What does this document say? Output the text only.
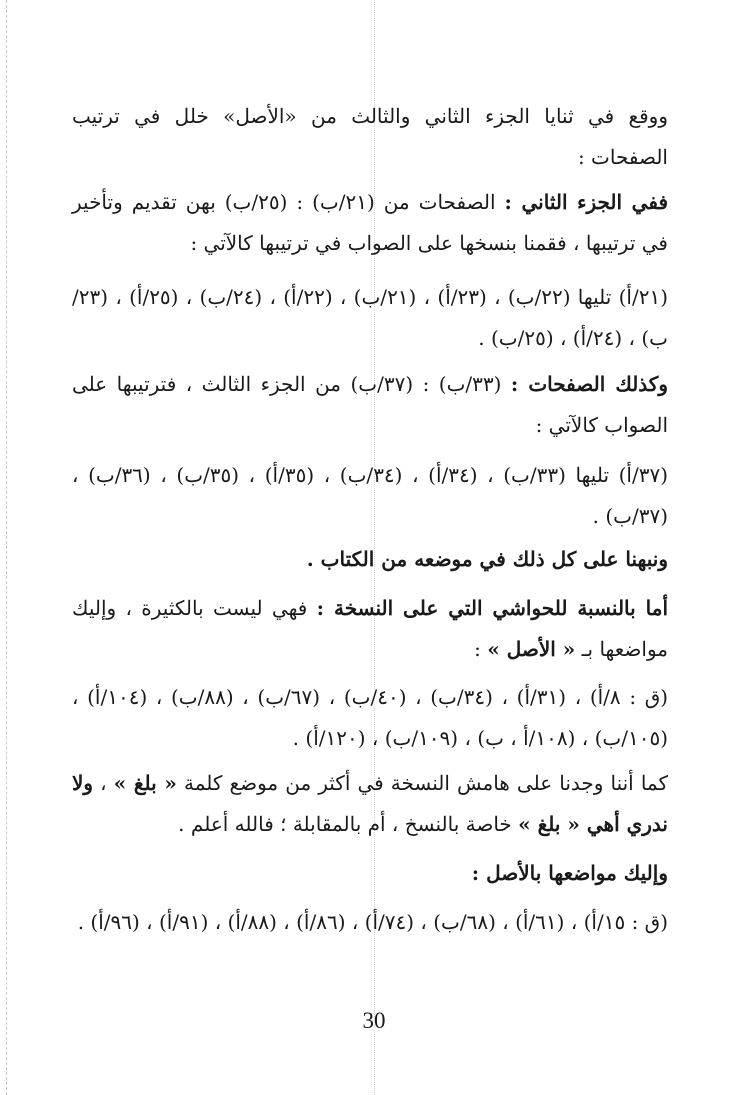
ووقع في ثنايا الجزء الثاني والثالث من «الأصل» خلل في ترتيب الصفحات :
ففي الجزء الثاني : الصفحات من (٢١/ب) : (٢٥/ب) بهن تقديم وتأخير في ترتيبها ، فقمنا بنسخها على الصواب في ترتيبها كالآتي :
(٢١/أ) تليها (٢٢/ب) ، (٢٣/أ) ، (٢١/ب) ، (٢٢/أ) ، (٢٤/ب) ، (٢٥/أ) ، (٢٣/ب) ، (٢٤/أ) ، (٢٥/ب) .
وكذلك الصفحات : (٣٣/ب) : (٣٧/ب) من الجزء الثالث ، فترتيبها على الصواب كالآتي :
(٣٧/أ) تليها (٣٣/ب) ، (٣٤/أ) ، (٣٤/ب) ، (٣٥/أ) ، (٣٥/ب) ، (٣٦/ب) ، (٣٧/ب) .
ونبهنا على كل ذلك في موضعه من الكتاب .
أما بالنسبة للحواشي التي على النسخة : فهي ليست بالكثيرة ، وإليك مواضعها بـ « الأصل » :
(ق : ٨/أ) ، (٣١/أ) ، (٣٤/ب) ، (٤٠/ب) ، (٦٧/ب) ، (٨٨/ب) ، (١٠٤/أ) ، (١٠٥/ب) ، (١٠٨/أ ، ب) ، (١٠٩/ب) ، (١٢٠/أ) .
كما أننا وجدنا على هامش النسخة في أكثر من موضع كلمة « بلغ » ، ولا ندري أهي « بلغ » خاصة بالنسخ ، أم بالمقابلة ؛ فالله أعلم .
وإليك مواضعها بالأصل :
(ق : ١٥/أ) ، (٦١/أ) ، (٦٨/ب) ، (٧٤/أ) ، (٨٦/أ) ، (٨٨/أ) ، (٩١/أ) ، (٩٦/أ) .
30
